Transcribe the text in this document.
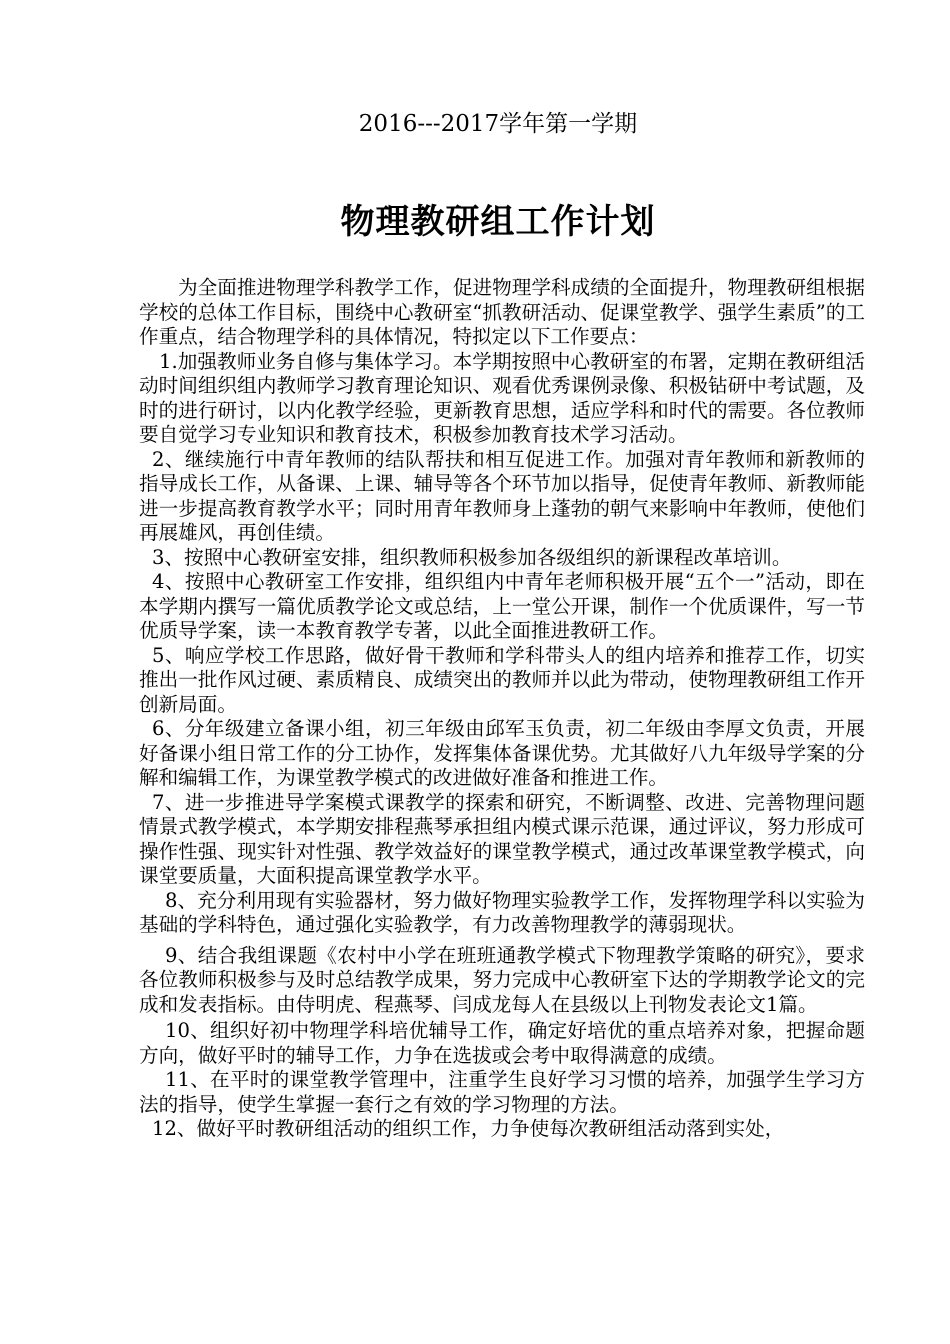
2016---2017学年第一学期
物理教研组工作计划

为全面推进物理学科教学工作，促进物理学科成绩的全面提升，物理教研组根据学校的总体工作目标，围绕中心教研室“抓教研活动、促课堂教学、强学生素质”的工作重点，结合物理学科的具体情况，特拟定以下工作要点：

1.加强教师业务自修与集体学习。本学期按照中心教研室的布署，定期在教研组活动时间组织组内教师学习教育理论知识、观看优秀课例录像、积极钻研中考试题，及时的进行研讨，以内化教学经验，更新教育思想，适应学科和时代的需要。各位教师要自觉学习专业知识和教育技术，积极参加教育技术学习活动。

2、继续施行中青年教师的结队帮扶和相互促进工作。加强对青年教师和新教师的指导成长工作，从备课、上课、辅导等各个环节加以指导，促使青年教师、新教师能进一步提高教育教学水平；同时用青年教师身上蓬勃的朝气来影响中年教师，使他们再展雄风，再创佳绩。

3、按照中心教研室安排，组织教师积极参加各级组织的新课程改革培训。

4、按照中心教研室工作安排，组织组内中青年老师积极开展“五个一”活动，即在本学期内撰写一篇优质教学论文或总结，上一堂公开课，制作一个优质课件，写一节优质导学案，读一本教育教学专著，以此全面推进教研工作。

5、响应学校工作思路，做好骨干教师和学科带头人的组内培养和推荐工作，切实推出一批作风过硬、素质精良、成绩突出的教师并以此为带动，使物理教研组工作开创新局面。

6、分年级建立备课小组，初三年级由邱军玉负责，初二年级由李厚文负责，开展好备课小组日常工作的分工协作，发挥集体备课优势。尤其做好八九年级导学案的分解和编辑工作，为课堂教学模式的改进做好准备和推进工作。

7、进一步推进导学案模式课教学的探索和研究，不断调整、改进、完善物理问题情景式教学模式，本学期安排程燕琴承担组内模式课示范课，通过评议，努力形成可操作性强、现实针对性强、教学效益好的课堂教学模式，通过改革课堂教学模式，向课堂要质量，大面积提高课堂教学水平。

8、充分利用现有实验器材，努力做好物理实验教学工作，发挥物理学科以实验为基础的学科特色，通过强化实验教学，有力改善物理教学的薄弱现状。

9、结合我组课题《农村中小学在班班通教学模式下物理教学策略的研究》，要求各位教师积极参与及时总结教学成果，努力完成中心教研室下达的学期教学论文的完成和发表指标。由侍明虎、程燕琴、闫成龙每人在县级以上刊物发表论文1篇。

10、组织好初中物理学科培优辅导工作，确定好培优的重点培养对象，把握命题方向，做好平时的辅导工作，力争在选拔或会考中取得满意的成绩。

11、在平时的课堂教学管理中，注重学生良好学习习惯的培养，加强学生学习方法的指导，使学生掌握一套行之有效的学习物理的方法。

12、做好平时教研组活动的组织工作，力争使每次教研组活动落到实处，
